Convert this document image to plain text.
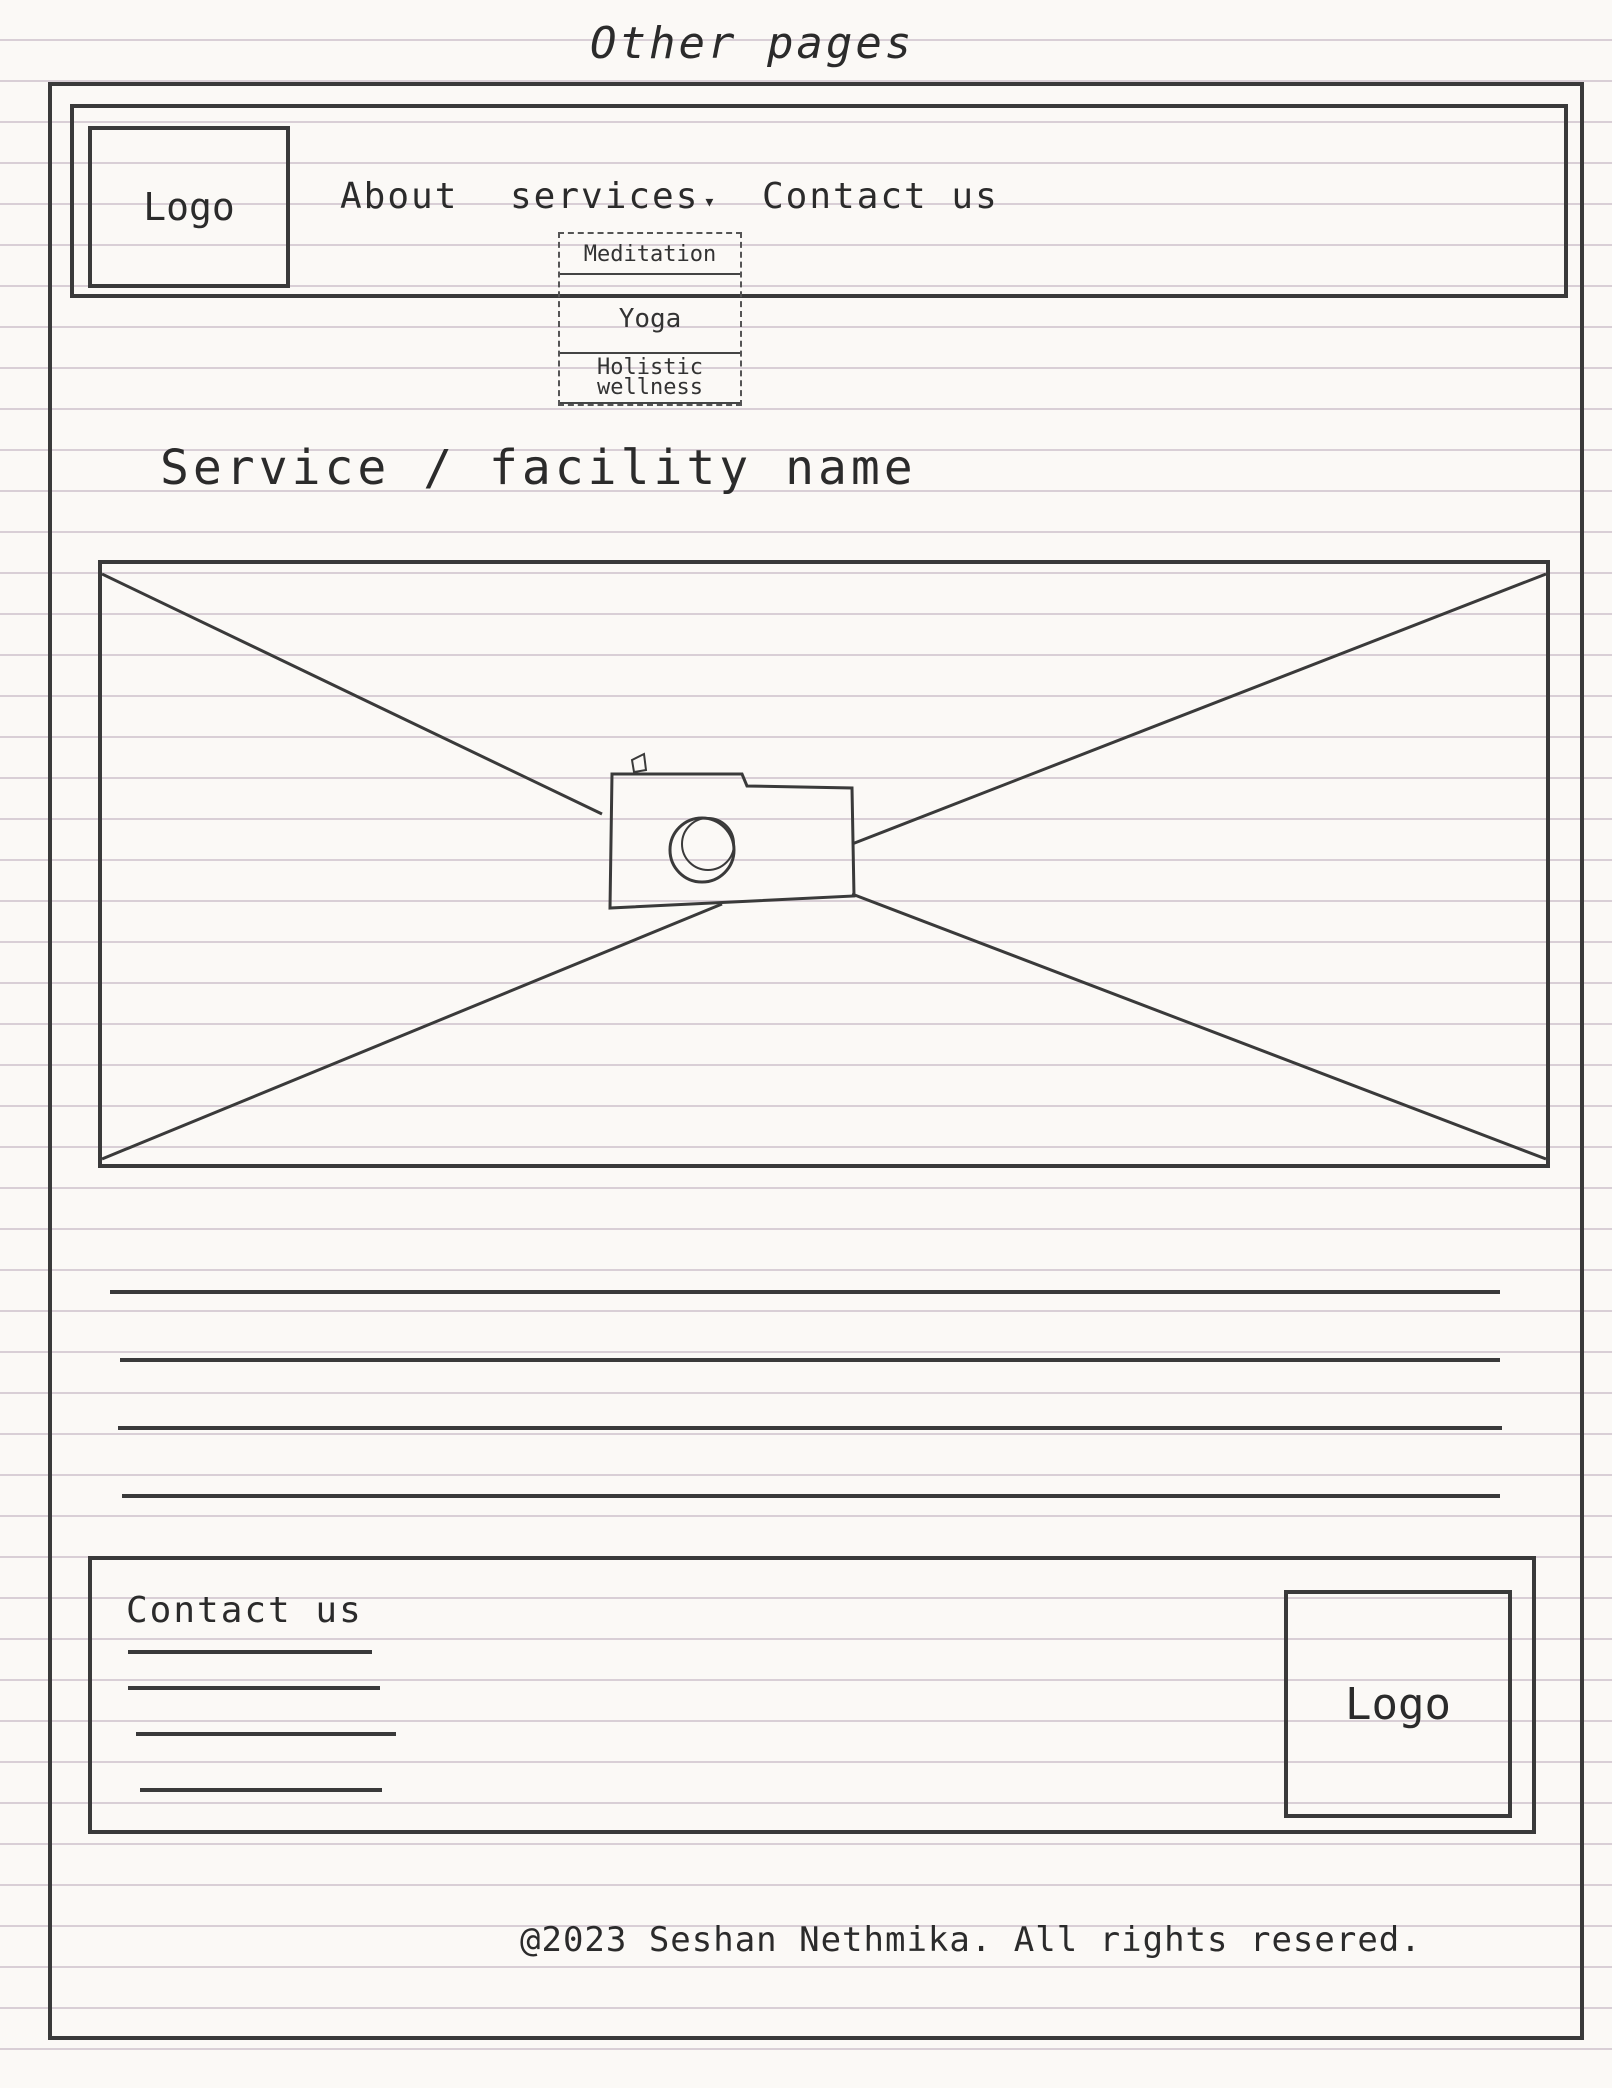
Other pages
Logo	About services ▾ Contact us
Meditation
Yoga
Holistic wellness
Service / facility name
Contact us
Logo
@2023 Seshan Nethmika. All rights resered.
